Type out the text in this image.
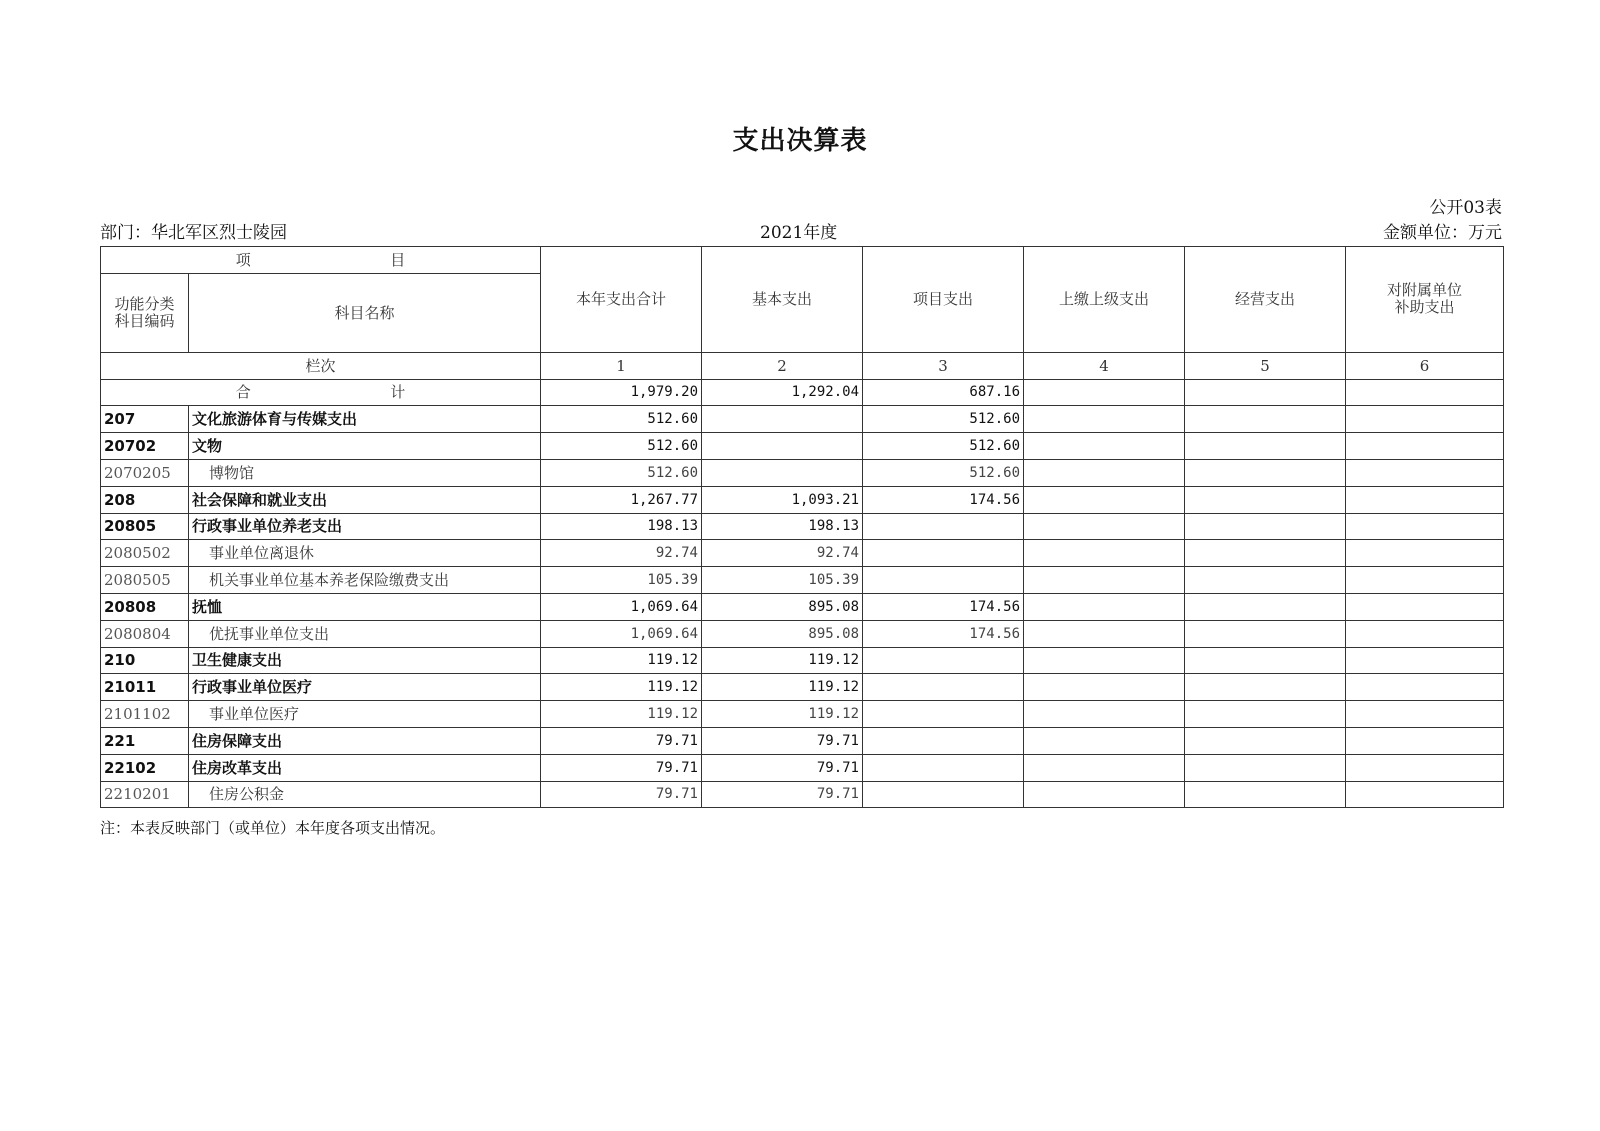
支出决算表
公开03表
部门：华北军区烈士陵园	2021年度	金额单位：万元
项 目		本年支出合计	基本支出	项目支出	上缴上级支出	经营支出	对附属单位
补助支出
功能分类
科目编码	科目名称						
栏次		1	2	3	4	5	6
合 计		1,979.20	1,292.04	687.16			
207	文化旅游体育与传媒支出	512.60		512.60			
20702	文物	512.60		512.60			
2070205	博物馆	512.60		512.60			
208	社会保障和就业支出	1,267.77	1,093.21	174.56			
20805	行政事业单位养老支出	198.13	198.13				
2080502	事业单位离退休	92.74	92.74				
2080505	机关事业单位基本养老保险缴费支出	105.39	105.39				
20808	抚恤	1,069.64	895.08	174.56			
2080804	优抚事业单位支出	1,069.64	895.08	174.56			
210	卫生健康支出	119.12	119.12				
21011	行政事业单位医疗	119.12	119.12				
2101102	事业单位医疗	119.12	119.12				
221	住房保障支出	79.71	79.71				
22102	住房改革支出	79.71	79.71				
2210201	住房公积金	79.71	79.71				
注：本表反映部门（或单位）本年度各项支出情况。
